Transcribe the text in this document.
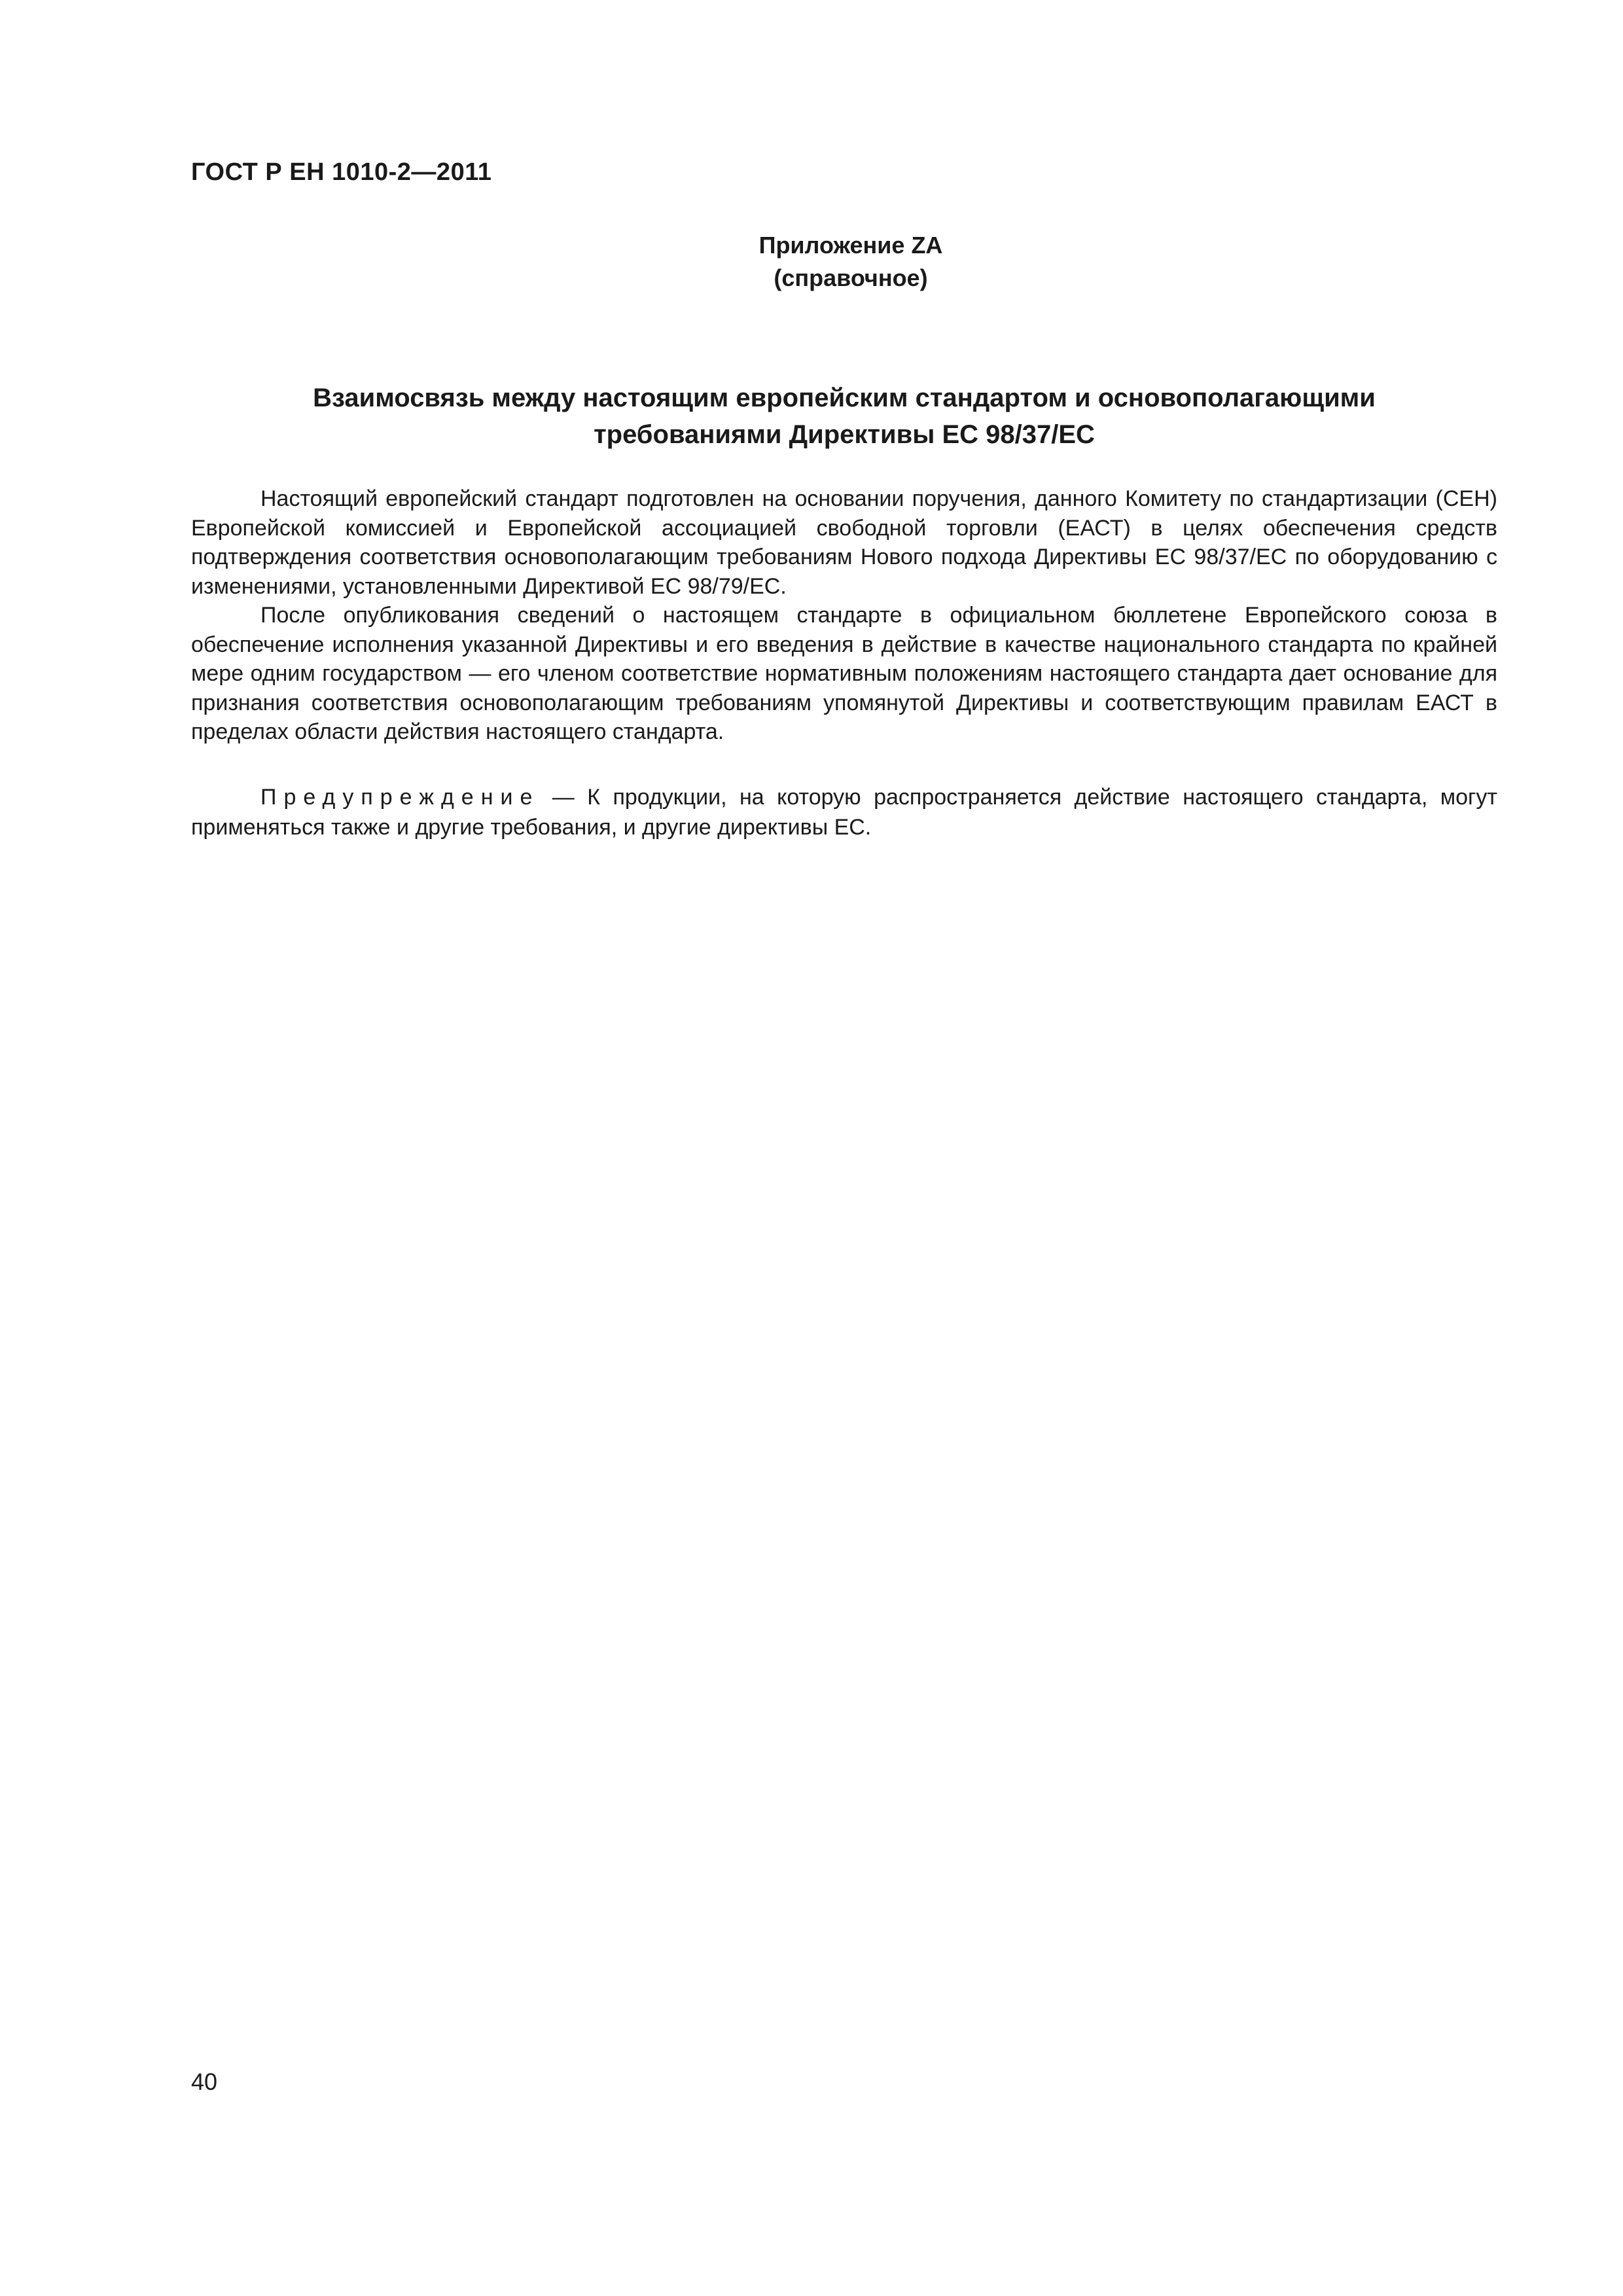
ГОСТ Р ЕН 1010-2—2011
Приложение ZA
(справочное)
Взаимосвязь между настоящим европейским стандартом и основополагающими
требованиями Директивы ЕС 98/37/ЕС

Настоящий европейский стандарт подготовлен на основании поручения, данного Комитету по стандартизации (СЕН) Европейской комиссией и Европейской ассоциацией свободной торговли (ЕАСТ) в целях обеспечения средств подтверждения соответствия основополагающим требованиям Нового подхода Директивы ЕС 98/37/ЕС по оборудованию с изменениями, установленными Директивой ЕС 98/79/ЕС.

После опубликования сведений о настоящем стандарте в официальном бюллетене Европейского союза в обеспечение исполнения указанной Директивы и его введения в действие в качестве национального стандарта по крайней мере одним государством — его членом соответствие нормативным положениям настоящего стандарта дает основание для признания соответствия основополагающим требованиям упомянутой Директивы и соответствующим правилам ЕАСТ в пределах области действия настоящего стандарта.

Предупреждение — К продукции, на которую распространяется действие настоящего стандарта, могут применяться также и другие требования, и другие директивы ЕС.

40
